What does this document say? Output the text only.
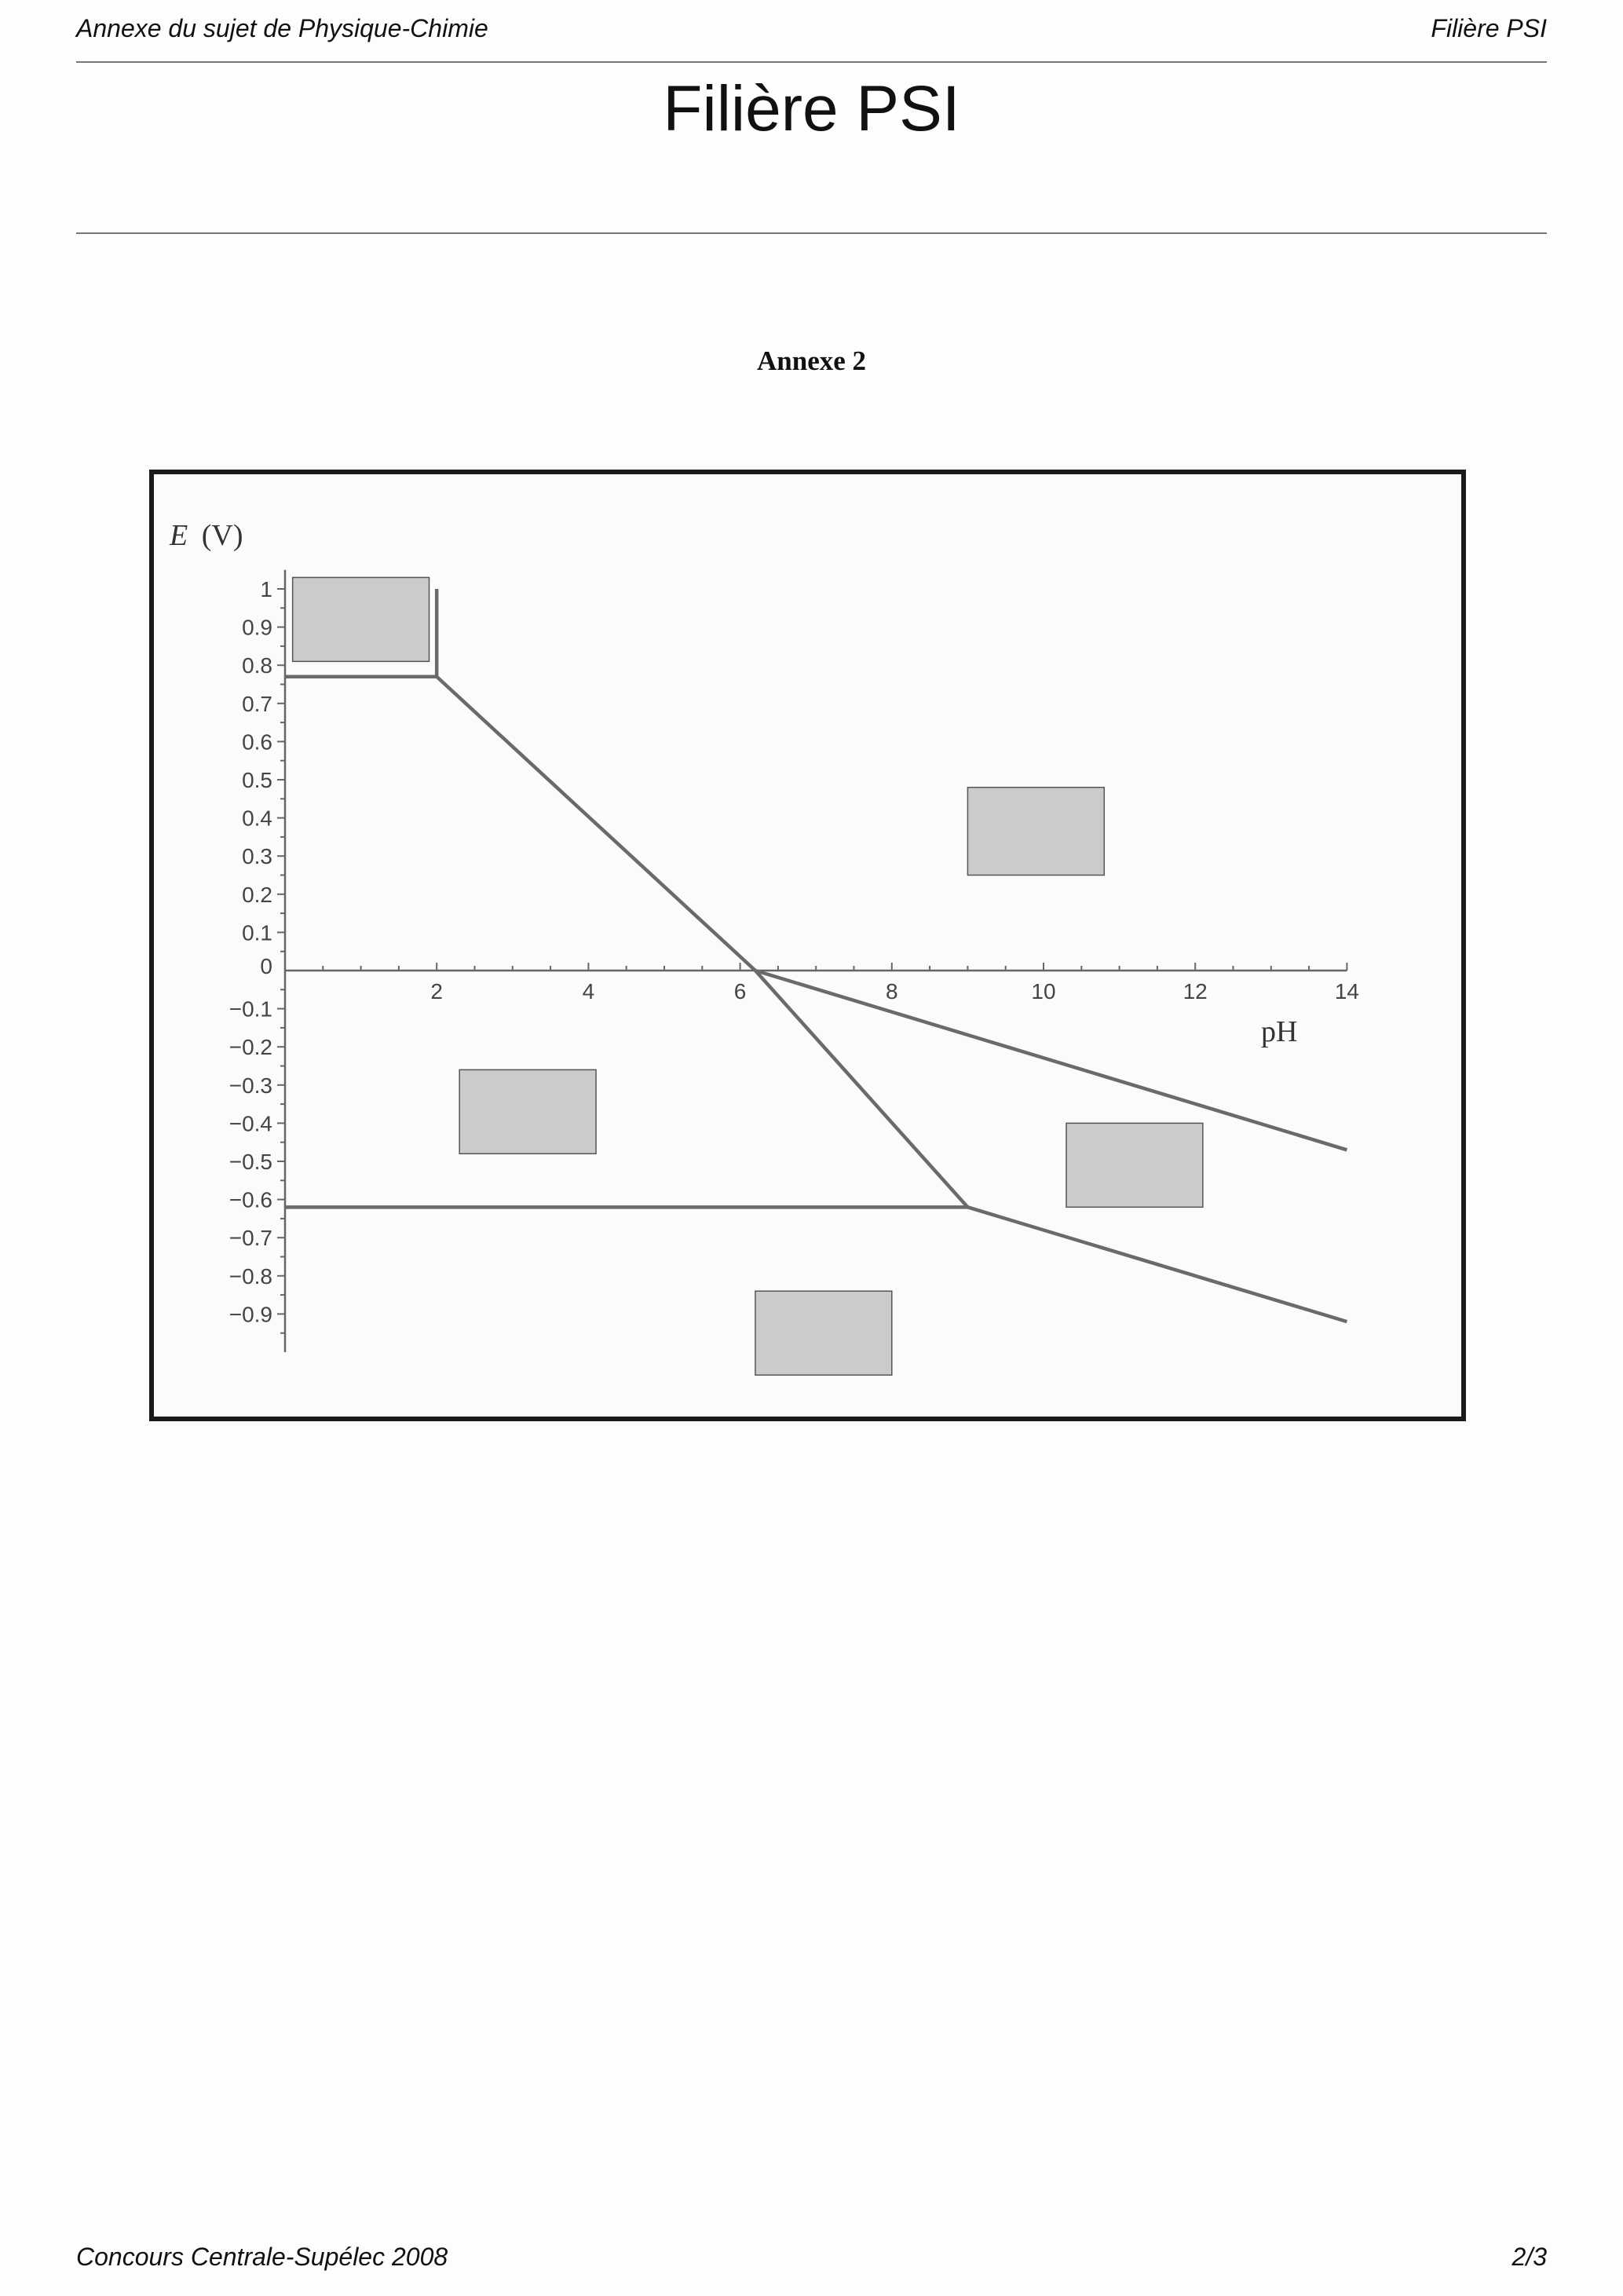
Annexe du sujet de Physique-Chimie	Filière PSI
Filière PSI
Annexe 2
E (V)
pH
2	4	6	8	10	12	14
1
0.9
0.8
0.7
0.6
0.5
0.4
0.3
0.2
0.1
0
−0.1
−0.2
−0.3
−0.4
−0.5
−0.6
−0.7
−0.8
−0.9
Concours Centrale-Supélec 2008	2/3
